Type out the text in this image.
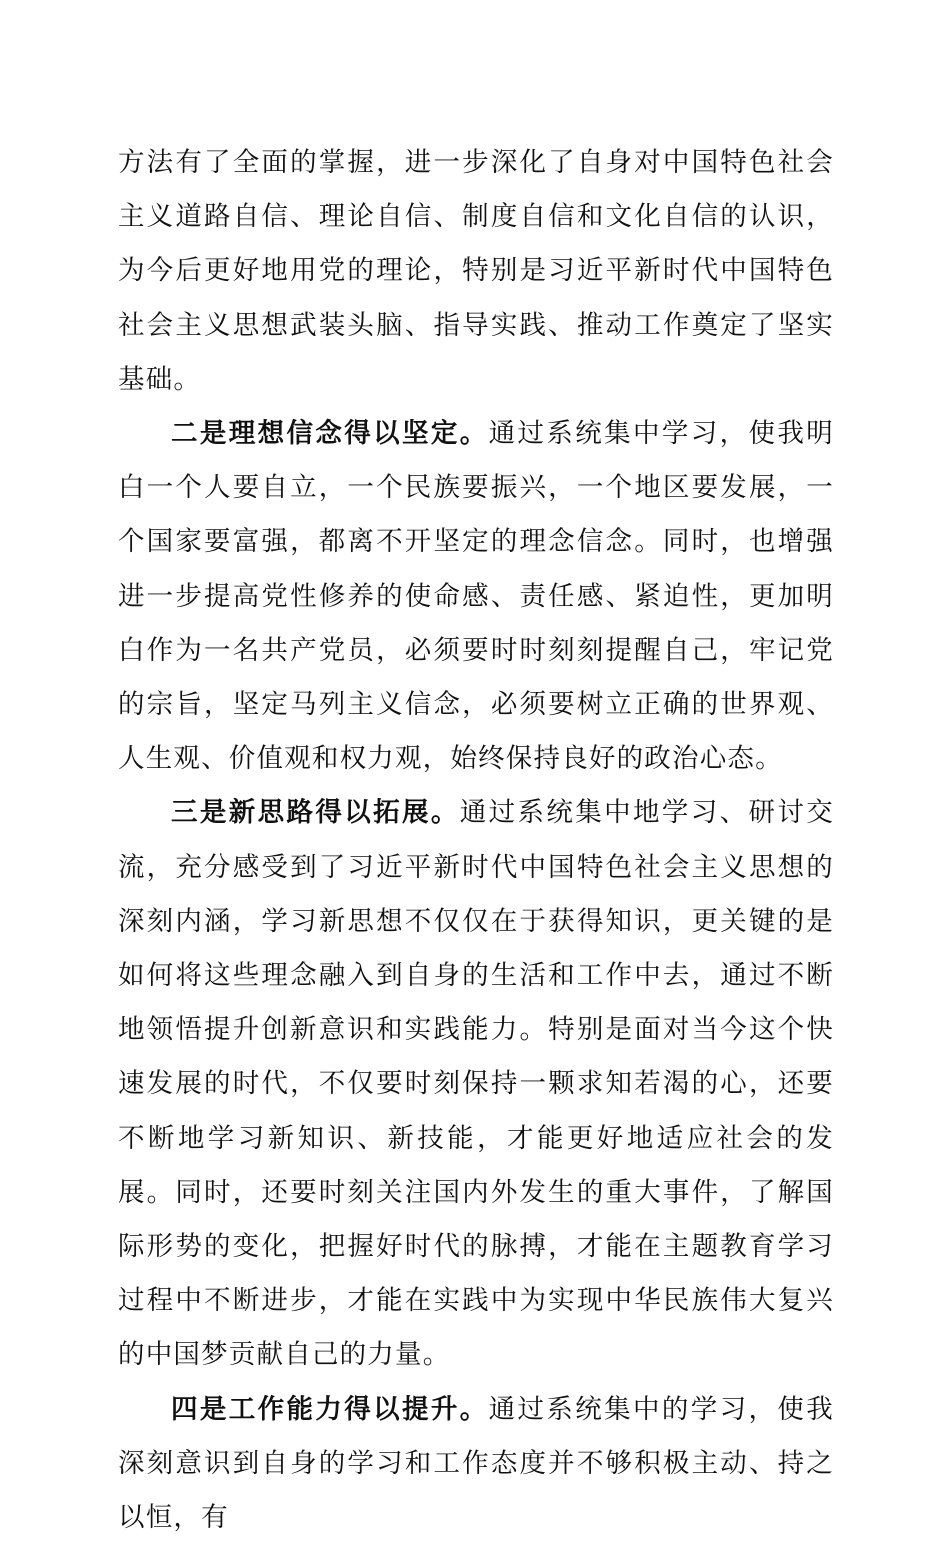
方法有了全面的掌握，进一步深化了自身对中国特色社会主义道路自信、理论自信、制度自信和文化自信的认识，为今后更好地用党的理论，特别是习近平新时代中国特色社会主义思想武装头脑、指导实践、推动工作奠定了坚实基础。

二是理想信念得以坚定。通过系统集中学习，使我明白一个人要自立，一个民族要振兴，一个地区要发展，一个国家要富强，都离不开坚定的理念信念。同时，也增强进一步提高党性修养的使命感、责任感、紧迫性，更加明白作为一名共产党员，必须要时时刻刻提醒自己，牢记党的宗旨，坚定马列主义信念，必须要树立正确的世界观、人生观、价值观和权力观，始终保持良好的政治心态。

三是新思路得以拓展。通过系统集中地学习、研讨交流，充分感受到了习近平新时代中国特色社会主义思想的深刻内涵，学习新思想不仅仅在于获得知识，更关键的是如何将这些理念融入到自身的生活和工作中去，通过不断地领悟提升创新意识和实践能力。特别是面对当今这个快速发展的时代，不仅要时刻保持一颗求知若渴的心，还要不断地学习新知识、新技能，才能更好地适应社会的发展。同时，还要时刻关注国内外发生的重大事件，了解国际形势的变化，把握好时代的脉搏，才能在主题教育学习过程中不断进步，才能在实践中为实现中华民族伟大复兴的中国梦贡献自己的力量。

四是工作能力得以提升。通过系统集中的学习，使我深刻意识到自身的学习和工作态度并不够积极主动、持之以恒，有
